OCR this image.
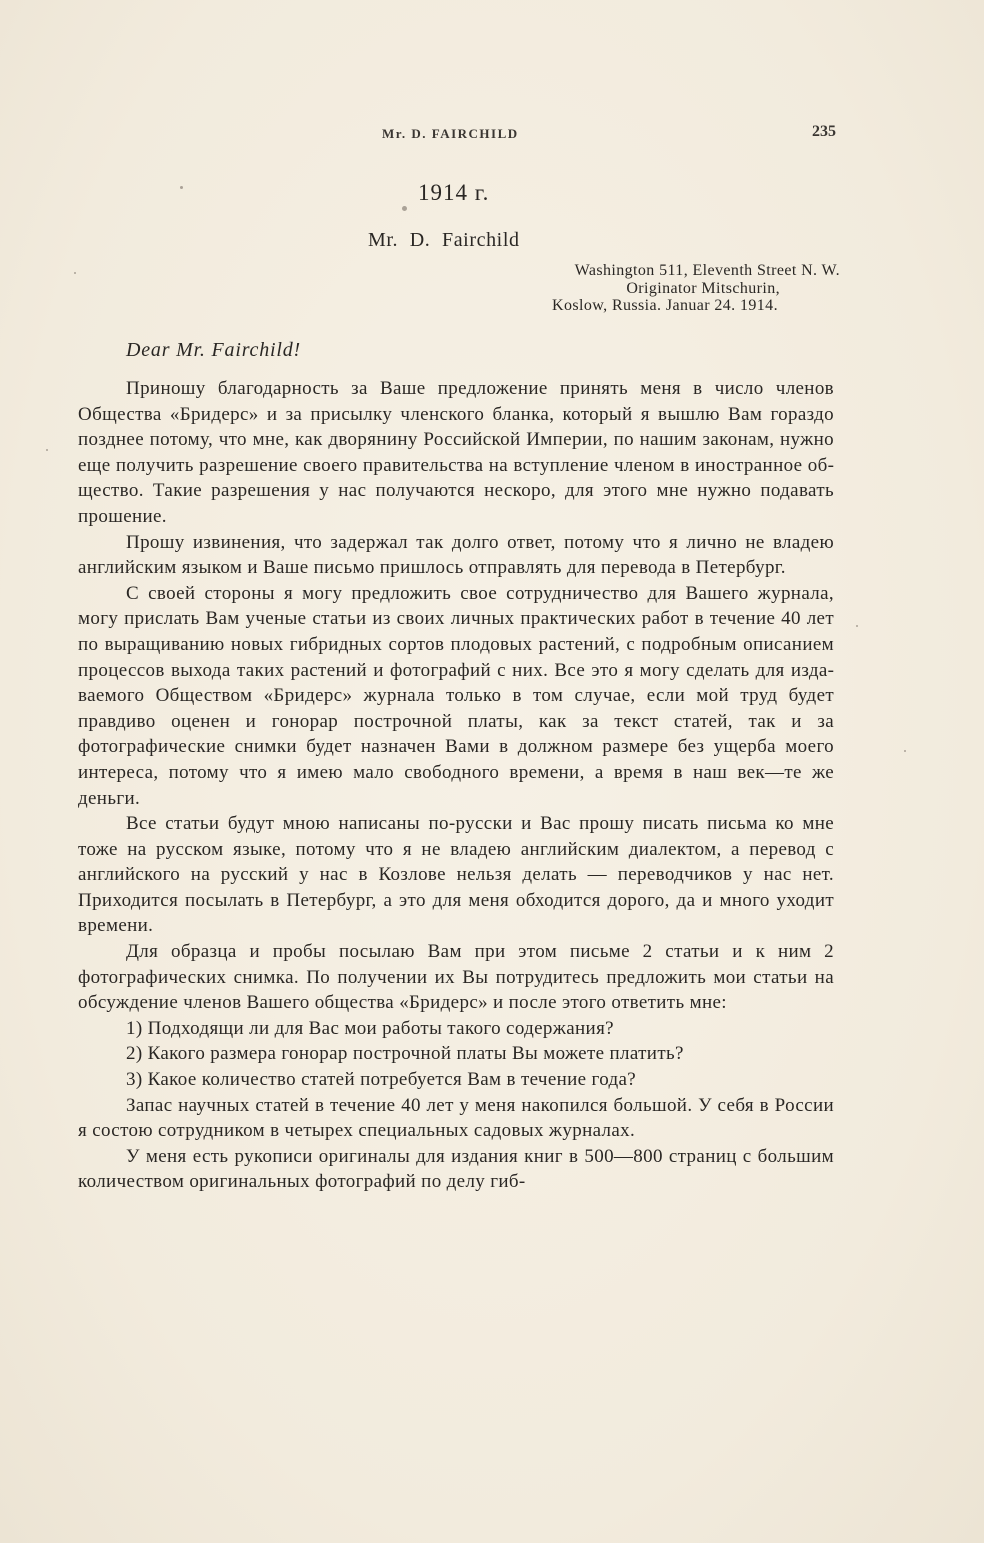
Mr. D. FAIRCHILD	235
1914 г.
Mr. D. Fairchild
Washington 511, Eleventh Street N. W.
Originator Mitschurin,
Koslow, Russia. Januar 24. 1914.
Dear Mr. Fairchild!

Приношу благодарность за Ваше предложение принять меня в число членов Общества «Бридерс» и за присылку членского бланка, который я вышлю Вам гораздо позднее потому, что мне, как дворянину Российской Империи, по нашим законам, нужно еще получить разрешение своего правительства на вступление членом в иностранное общество. Такие разрешения у нас получаются нескоро, для этого мне нужно подавать прошение.

Прошу извинения, что задержал так долго ответ, потому что я лично не владею английским языком и Ваше письмо пришлось отправлять для перевода в Петербург.

С своей стороны я могу предложить свое сотрудничество для Вашего журнала, могу прислать Вам ученые статьи из своих личных практических работ в течение 40 лет по выращиванию новых гибридных сортов плодовых растений, с подробным описанием процессов выхода таких растений и фотографий с них. Все это я могу сделать для издаваемого Обществом «Бридерс» журнала только в том случае, если мой труд будет правдиво оценен и гонорар построчной платы, как за текст статей, так и за фотографические снимки будет назначен Вами в должном размере без ущерба моего интереса, потому что я имею мало свободного времени, а время в наш век—те же деньги.

Все статьи будут мною написаны по-русски и Вас прошу писать письма ко мне тоже на русском языке, потому что я не владею английским диалектом, а перевод с английского на русский у нас в Козлове нельзя делать — переводчиков у нас нет. Приходится посылать в Петербург, а это для меня обходится дорого, да и много уходит времени.

Для образца и пробы посылаю Вам при этом письме 2 статьи и к ним 2 фотографических снимка. По получении их Вы потрудитесь предложить мои статьи на обсуждение членов Вашего общества «Бридерс» и после этого ответить мне:

1) Подходящи ли для Вас мои работы такого содержания?
2) Какого размера гонорар построчной платы Вы можете платить?
3) Какое количество статей потребуется Вам в течение года?

Запас научных статей в течение 40 лет у меня накопился большой. У себя в России я состою сотрудником в четырех специальных садовых журналах.

У меня есть рукописи оригиналы для издания книг в 500—800 страниц с большим количеством оригинальных фотографий по делу гиб-
